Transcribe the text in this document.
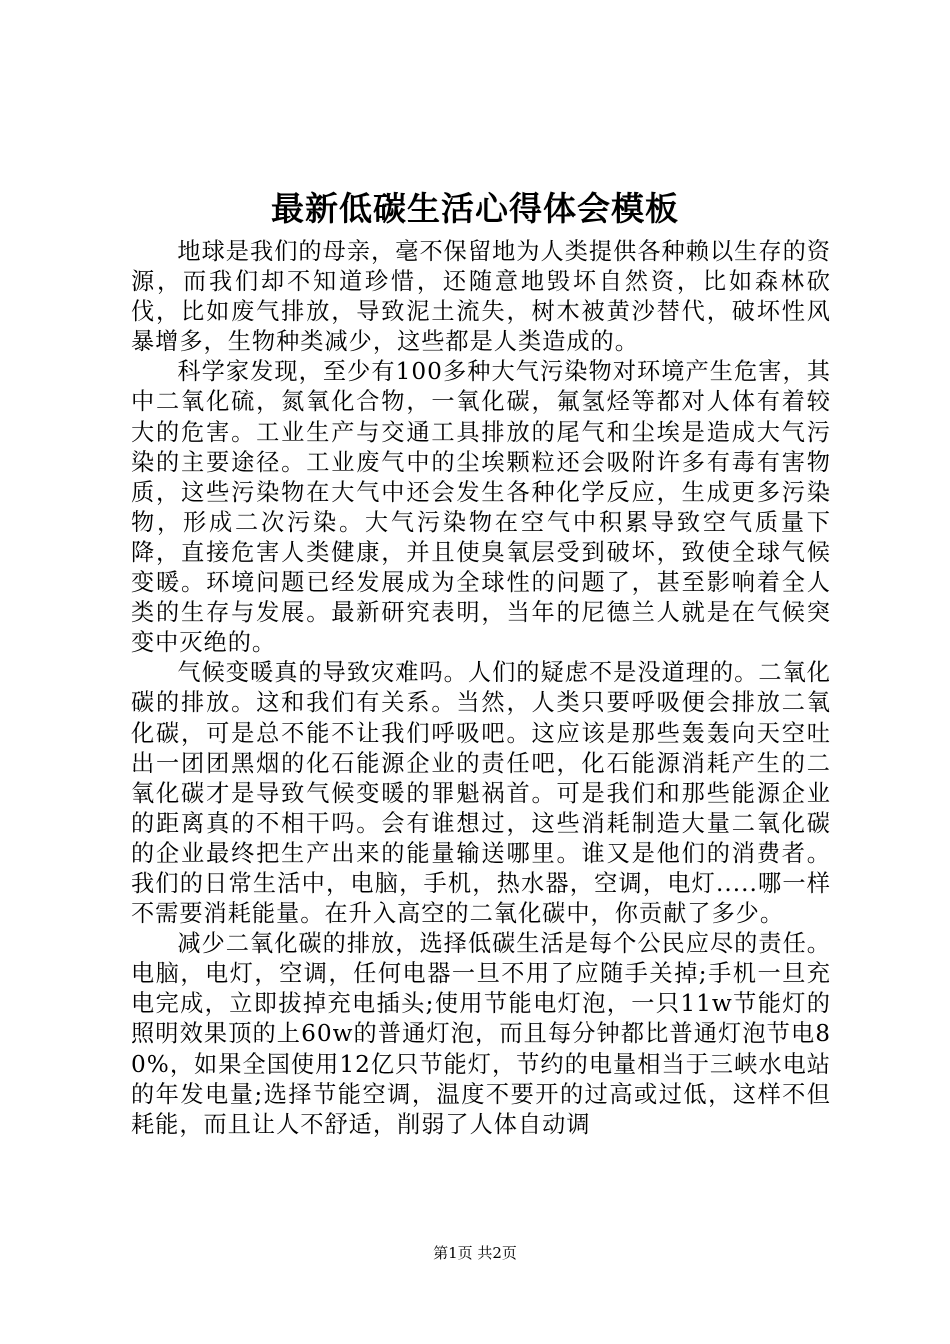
最新低碳生活心得体会模板

地球是我们的母亲，毫不保留地为人类提供各种赖以生存的资源，而我们却不知道珍惜，还随意地毁坏自然资，比如森林砍伐，比如废气排放，导致泥土流失，树木被黄沙替代，破坏性风暴增多，生物种类减少，这些都是人类造成的。

科学家发现，至少有100多种大气污染物对环境产生危害，其中二氧化硫，氮氧化合物，一氧化碳，氟氢烃等都对人体有着较大的危害。工业生产与交通工具排放的尾气和尘埃是造成大气污染的主要途径。工业废气中的尘埃颗粒还会吸附许多有毒有害物质，这些污染物在大气中还会发生各种化学反应，生成更多污染物，形成二次污染。大气污染物在空气中积累导致空气质量下降，直接危害人类健康，并且使臭氧层受到破坏，致使全球气候变暖。环境问题已经发展成为全球性的问题了，甚至影响着全人类的生存与发展。最新研究表明，当年的尼德兰人就是在气候突变中灭绝的。

气候变暖真的导致灾难吗。人们的疑虑不是没道理的。二氧化碳的排放。这和我们有关系。当然，人类只要呼吸便会排放二氧化碳，可是总不能不让我们呼吸吧。这应该是那些轰轰向天空吐出一团团黑烟的化石能源企业的责任吧，化石能源消耗产生的二氧化碳才是导致气候变暖的罪魁祸首。可是我们和那些能源企业的距离真的不相干吗。会有谁想过，这些消耗制造大量二氧化碳的企业最终把生产出来的能量输送哪里。谁又是他们的消费者。我们的日常生活中，电脑，手机，热水器，空调，电灯.....哪一样不需要消耗能量。在升入高空的二氧化碳中，你贡献了多少。

减少二氧化碳的排放，选择低碳生活是每个公民应尽的责任。电脑，电灯，空调，任何电器一旦不用了应随手关掉;手机一旦充电完成，立即拔掉充电插头;使用节能电灯泡，一只11w节能灯的照明效果顶的上60w的普通灯泡，而且每分钟都比普通灯泡节电80%，如果全国使用12亿只节能灯，节约的电量相当于三峡水电站的年发电量;选择节能空调，温度不要开的过高或过低，这样不但耗能，而且让人不舒适，削弱了人体自动调

第1页 共2页
